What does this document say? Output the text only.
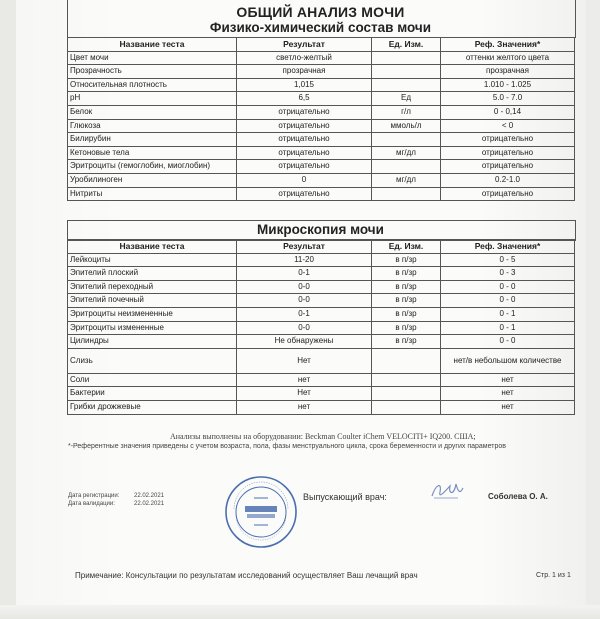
ОБЩИЙ АНАЛИЗ МОЧИ
Физико-химический состав мочи
Название теста	Результат	Ед. Изм.	Реф. Значения*
Цвет мочи	светло-желтый		оттенки желтого цвета
Прозрачность	прозрачная		прозрачная
Относительная плотность	1,015		1.010 - 1.025
pH	6,5	Ед	5.0 - 7.0
Белок	отрицательно	г/л	0 - 0,14
Глюкоза	отрицательно	ммоль/л	< 0
Билирубин	отрицательно		отрицательно
Кетоновые тела	отрицательно	мг/дл	отрицательно
Эритроциты (гемоглобин, миоглобин)	отрицательно		отрицательно
Уробилиноген	0	мг/дл	0.2-1.0
Нитриты	отрицательно		отрицательно
Микроскопия мочи
Название теста	Результат	Ед. Изм.	Реф. Значения*
Лейкоциты	11-20	в п/зр	0 - 5
Эпителий плоский	0-1	в п/зр	0 - 3
Эпителий переходный	0-0	в п/зр	0 - 0
Эпителий почечный	0-0	в п/зр	0 - 0
Эритроциты неизмененные	0-1	в п/зр	0 - 1
Эритроциты измененные	0-0	в п/зр	0 - 1
Цилиндры	Не обнаружены	в п/зр	0 - 0
Слизь	Нет		нет/в небольшом количестве
Соли	нет		нет
Бактерии	Нет		нет
Грибки дрожжевые	нет		нет
Анализы выполнены на оборудовании: Beckman Coulter iChem VELOCITI+ IQ200. США;
*-Референтные значения приведены с учетом возраста, пола, фазы менструального цикла, срока беременности и других параметров
Дата регистрации: 22.02.2021
Дата валидации:	22.02.2021
Выпускающий врач:	Соболева О. А.
Примечание: Консультации по результатам исследований осуществляет Ваш лечащий врач	Стр. 1 из 1
